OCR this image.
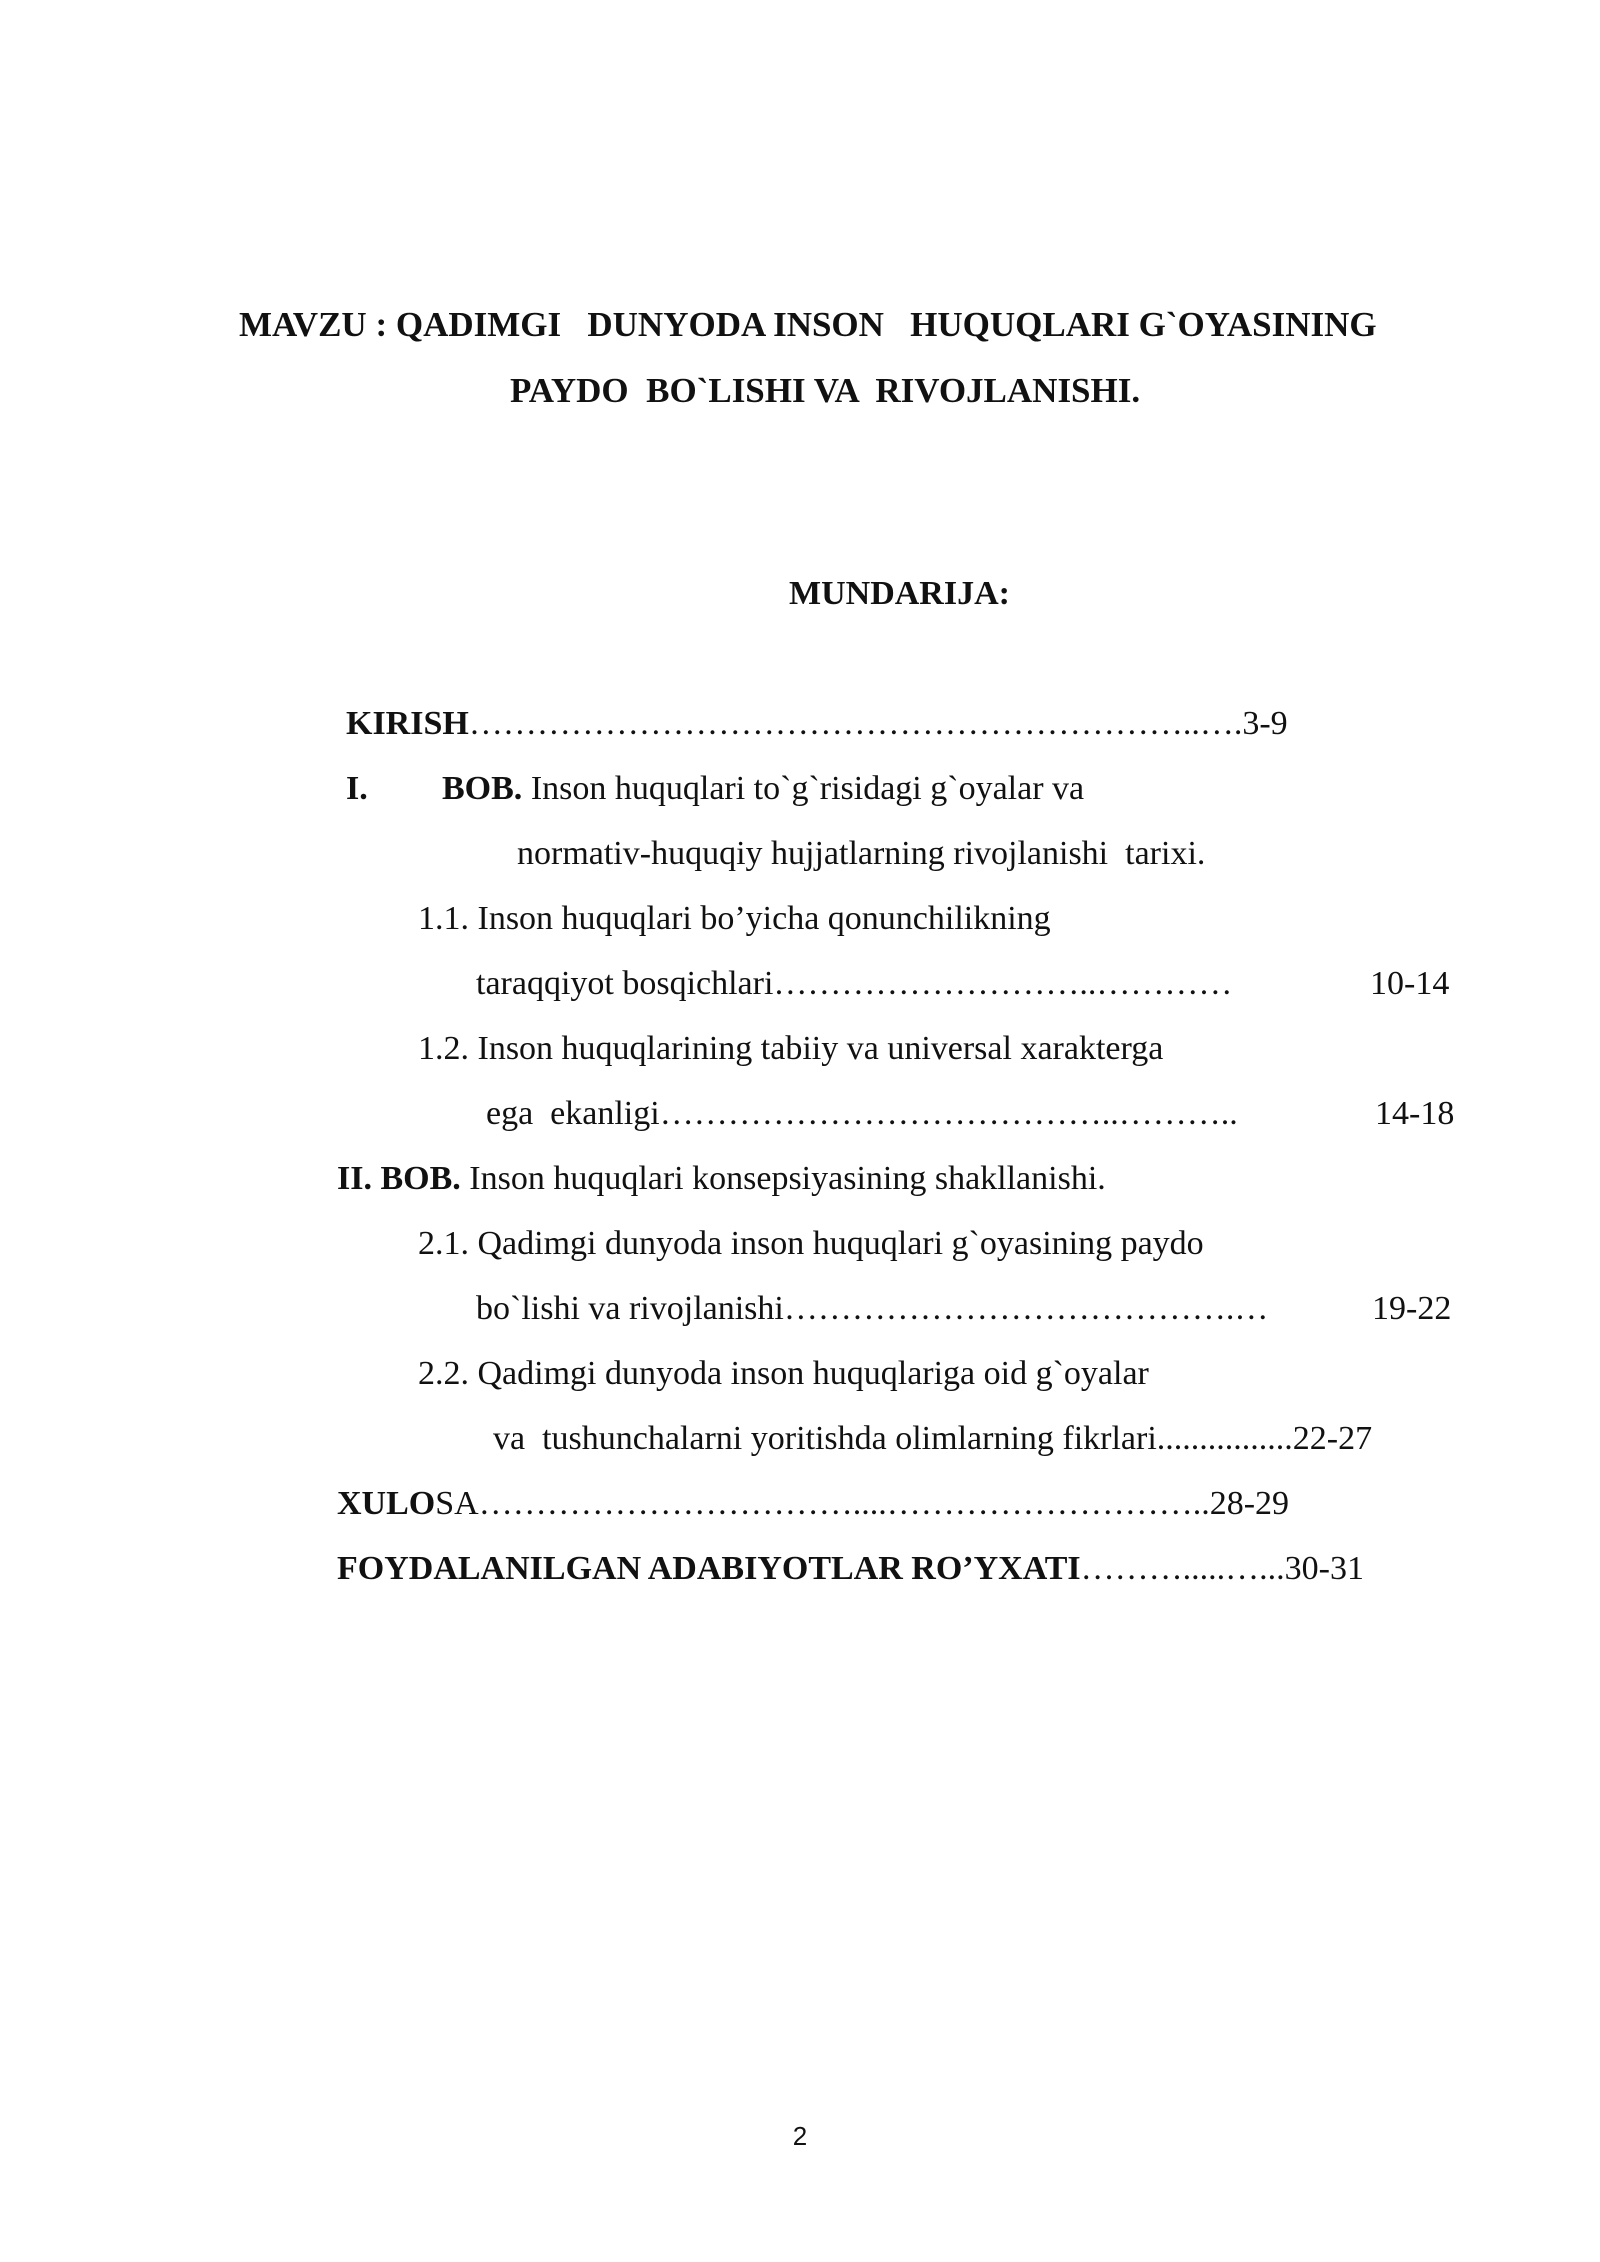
MAVZU : QADIMGI   DUNYODA INSON   HUQUQLARI G`OYASINING
PAYDO  BO`LISHI VA  RIVOJLANISHI.
MUNDARIJA:
KIRISH………………………………………………………..….3-9
I. BOB. Inson huquqlari to`g`risidagi g`oyalar va
normativ-huquqiy hujjatlarning rivojlanishi  tarixi.
1.1. Inson huquqlari bo’yicha qonunchilikning
taraqqiyot bosqichlari………………………..…………	10-14
1.2. Inson huquqlarining tabiiy va universal xarakterga
ega  ekanligi…………………………………..………..	14-18
II. BOB. Inson huquqlari konsepsiyasining shakllanishi.
2.1. Qadimgi dunyoda inson huquqlari g`oyasining paydo
bo`lishi va rivojlanishi………………………………….…	19-22
2.2. Qadimgi dunyoda inson huquqlariga oid g`oyalar
va  tushunchalarni yoritishda olimlarning fikrlari................22-27
XULOSA……………………………....………………………..28-29
FOYDALANILGAN ADABIYOTLAR RO’YXATI……….....…...30-31
2
